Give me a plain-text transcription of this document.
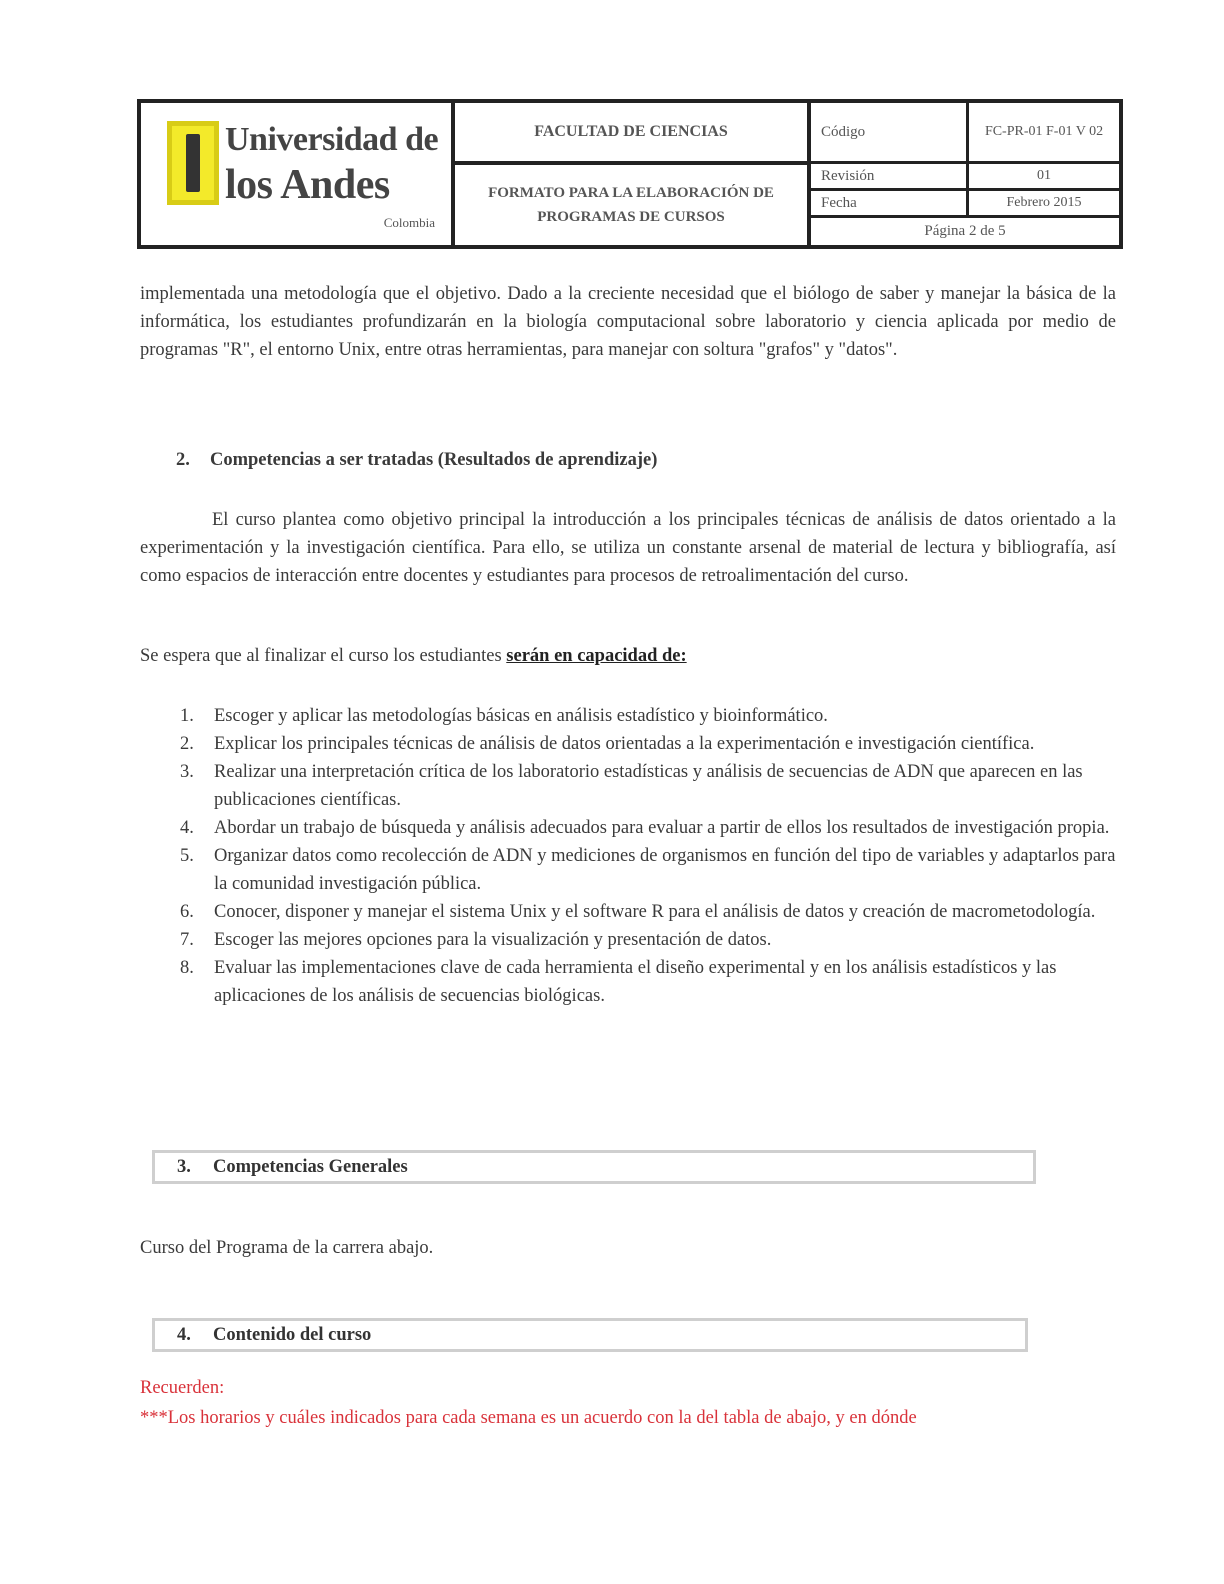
Universidad de
los Andes
Colombia
FACULTAD DE CIENCIAS
FORMATO PARA LA ELABORACIÓN DE PROGRAMAS DE CURSOS
Código	FC-PR-01 F-01 V 02
Revisión	01
Fecha	Febrero 2015
Página 2 de 5
implementada una metodología que el objetivo. Dado a la creciente necesidad que el biólogo de saber y manejar la básica de la informática, los estudiantes profundizarán en la biología computacional sobre laboratorio y ciencia aplicada por medio de programas "R", el entorno Unix, entre otras herramientas, para manejar con soltura "grafos" y "datos".
2. Competencias a ser tratadas (Resultados de aprendizaje)
El curso plantea como objetivo principal la introducción a los principales técnicas de análisis de datos orientado a la experimentación y la investigación científica. Para ello, se utiliza un constante arsenal de material de lectura y bibliografía, así como espacios de interacción entre docentes y estudiantes para procesos de retroalimentación del curso.
Se espera que al finalizar el curso los estudiantes serán en capacidad de:
1.	Escoger y aplicar las metodologías básicas en análisis estadístico y bioinformático.
2.	Explicar los principales técnicas de análisis de datos orientadas a la experimentación e investigación científica.
3.	Realizar una interpretación crítica de los laboratorio estadísticas y análisis de secuencias de ADN que aparecen en las publicaciones científicas.
4.	Abordar un trabajo de búsqueda y análisis adecuados para evaluar a partir de ellos los resultados de investigación propia.
5.	Organizar datos como recolección de ADN y mediciones de organismos en función del tipo de variables y adaptarlos para la comunidad investigación pública.
6.	Conocer, disponer y manejar el sistema Unix y el software R para el análisis de datos y creación de macrometodología.
7.	Escoger las mejores opciones para la visualización y presentación de datos.
8.	Evaluar las implementaciones clave de cada herramienta el diseño experimental y en los análisis estadísticos y las aplicaciones de los análisis de secuencias biológicas.
3.	Competencias Generales
Curso del Programa de la carrera abajo.
4.	Contenido del curso
Recuerden:
***Los horarios y cuáles indicados para cada semana es un acuerdo con la del tabla de abajo, y en dónde
